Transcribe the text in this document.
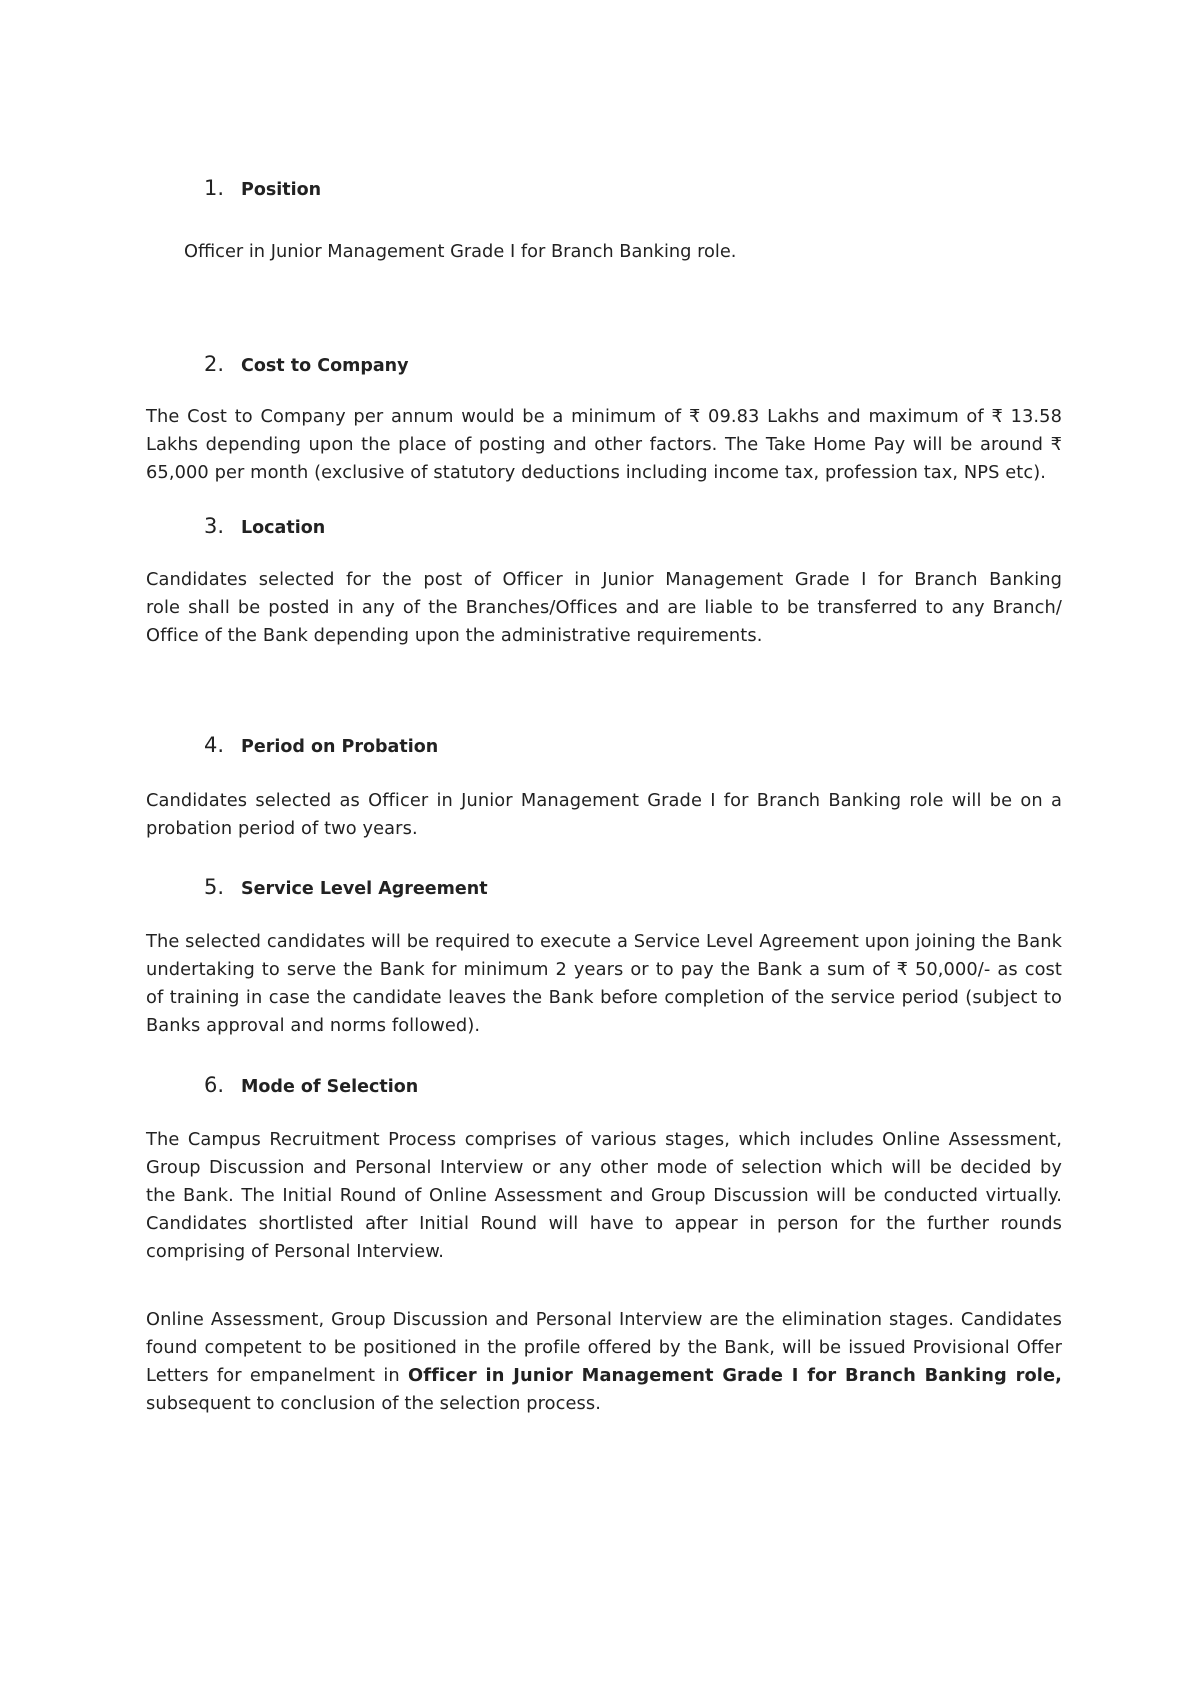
1. Position
Officer in Junior Management Grade I for Branch Banking role.
2. Cost to Company
The Cost to Company per annum would be a minimum of ₹ 09.83 Lakhs and maximum of ₹ 13.58
Lakhs depending upon the place of posting and other factors. The Take Home Pay will be around ₹
65,000 per month (exclusive of statutory deductions including income tax, profession tax, NPS etc).
3. Location
Candidates selected for the post of Officer in Junior Management Grade I for Branch Banking
role shall be posted in any of the Branches/Offices and are liable to be transferred to any Branch/
Office of the Bank depending upon the administrative requirements.
4. Period on Probation
Candidates selected as Officer in Junior Management Grade I for Branch Banking role will be on a
probation period of two years.
5. Service Level Agreement
The selected candidates will be required to execute a Service Level Agreement upon joining the Bank
undertaking to serve the Bank for minimum 2 years or to pay the Bank a sum of ₹ 50,000/- as cost
of training in case the candidate leaves the Bank before completion of the service period (subject to
Banks approval and norms followed).
6. Mode of Selection
The Campus Recruitment Process comprises of various stages, which includes Online Assessment,
Group Discussion and Personal Interview or any other mode of selection which will be decided by
the Bank. The Initial Round of Online Assessment and Group Discussion will be conducted virtually.
Candidates shortlisted after Initial Round will have to appear in person for the further rounds
comprising of Personal Interview.
Online Assessment, Group Discussion and Personal Interview are the elimination stages. Candidates
found competent to be positioned in the profile offered by the Bank, will be issued Provisional Offer
Letters for empanelment in Officer in Junior Management Grade I for Branch Banking role,
subsequent to conclusion of the selection process.
